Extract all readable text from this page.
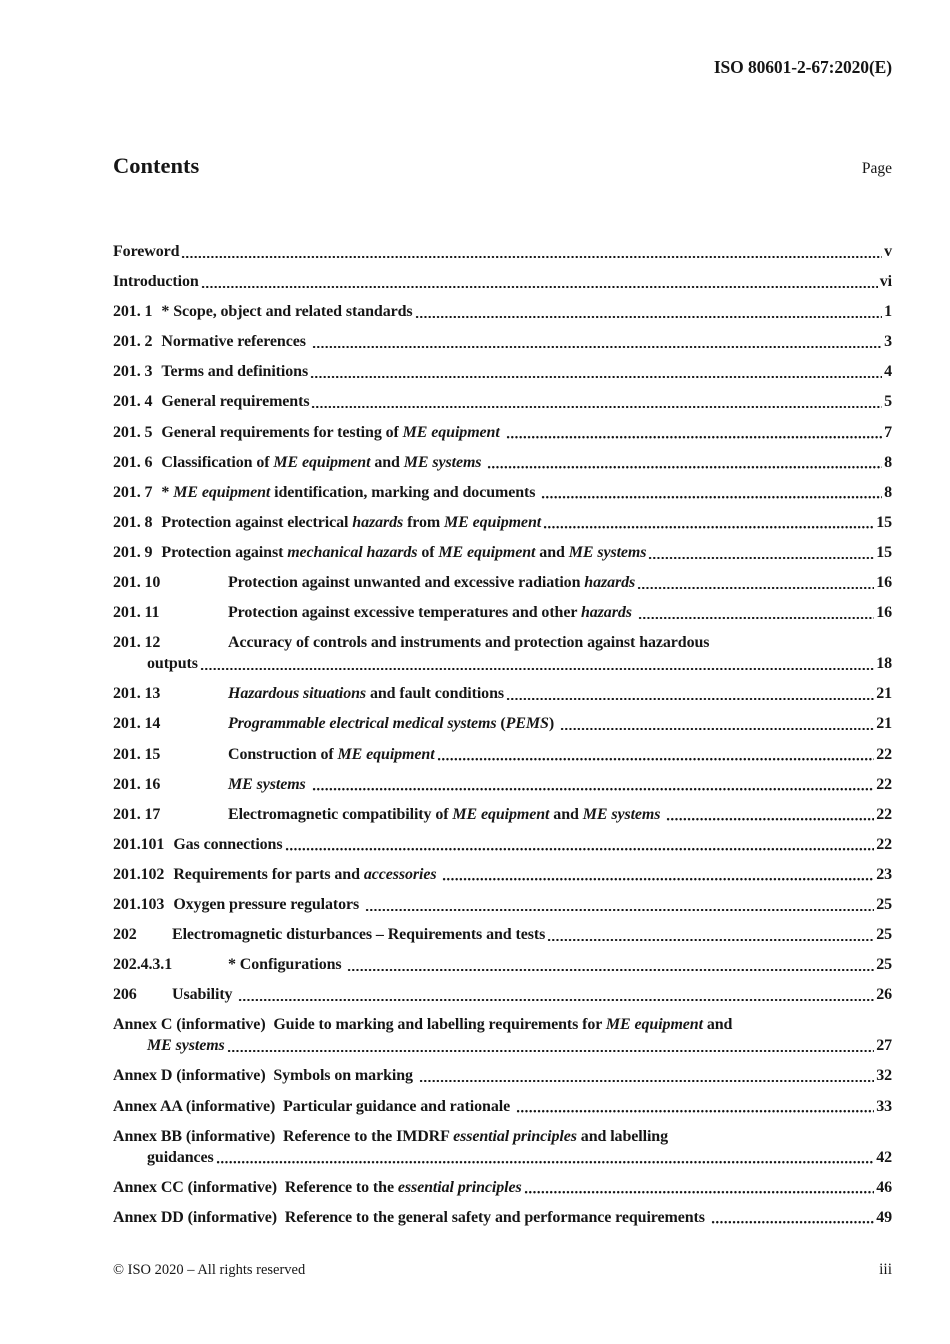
ISO 80601-2-67:2020(E)
Contents	Page
Foreword	v
Introduction	vi
201. 1 * Scope, object and related standards	1
201. 2 Normative references	3
201. 3 Terms and definitions	4
201. 4 General requirements	5
201. 5 General requirements for testing of ME equipment	7
201. 6 Classification of ME equipment and ME systems	8
201. 7 * ME equipment identification, marking and documents	8
201. 8 Protection against electrical hazards from ME equipment	15
201. 9 Protection against mechanical hazards of ME equipment and ME systems	15
201. 10	Protection against unwanted and excessive radiation hazards	16
201. 11	Protection against excessive temperatures and other hazards	16
201. 12	Accuracy of controls and instruments and protection against hazardous
outputs	18
201. 13	Hazardous situations and fault conditions	21
201. 14	Programmable electrical medical systems (PEMS)	21
201. 15	Construction of ME equipment	22
201. 16	ME systems	22
201. 17	Electromagnetic compatibility of ME equipment and ME systems	22
201.101 Gas connections	22
201.102 Requirements for parts and accessories	23
201.103 Oxygen pressure regulators	25
202	Electromagnetic disturbances – Requirements and tests	25
202.4.3.1	* Configurations	25
206	Usability	26
Annex C (informative)  Guide to marking and labelling requirements for ME equipment and
ME systems	27
Annex D (informative)  Symbols on marking	32
Annex AA (informative)  Particular guidance and rationale	33
Annex BB (informative)  Reference to the IMDRF essential principles and labelling
guidances	42
Annex CC (informative)  Reference to the essential principles	46
Annex DD (informative)  Reference to the general safety and performance requirements	49
© ISO 2020 – All rights reserved	iii
